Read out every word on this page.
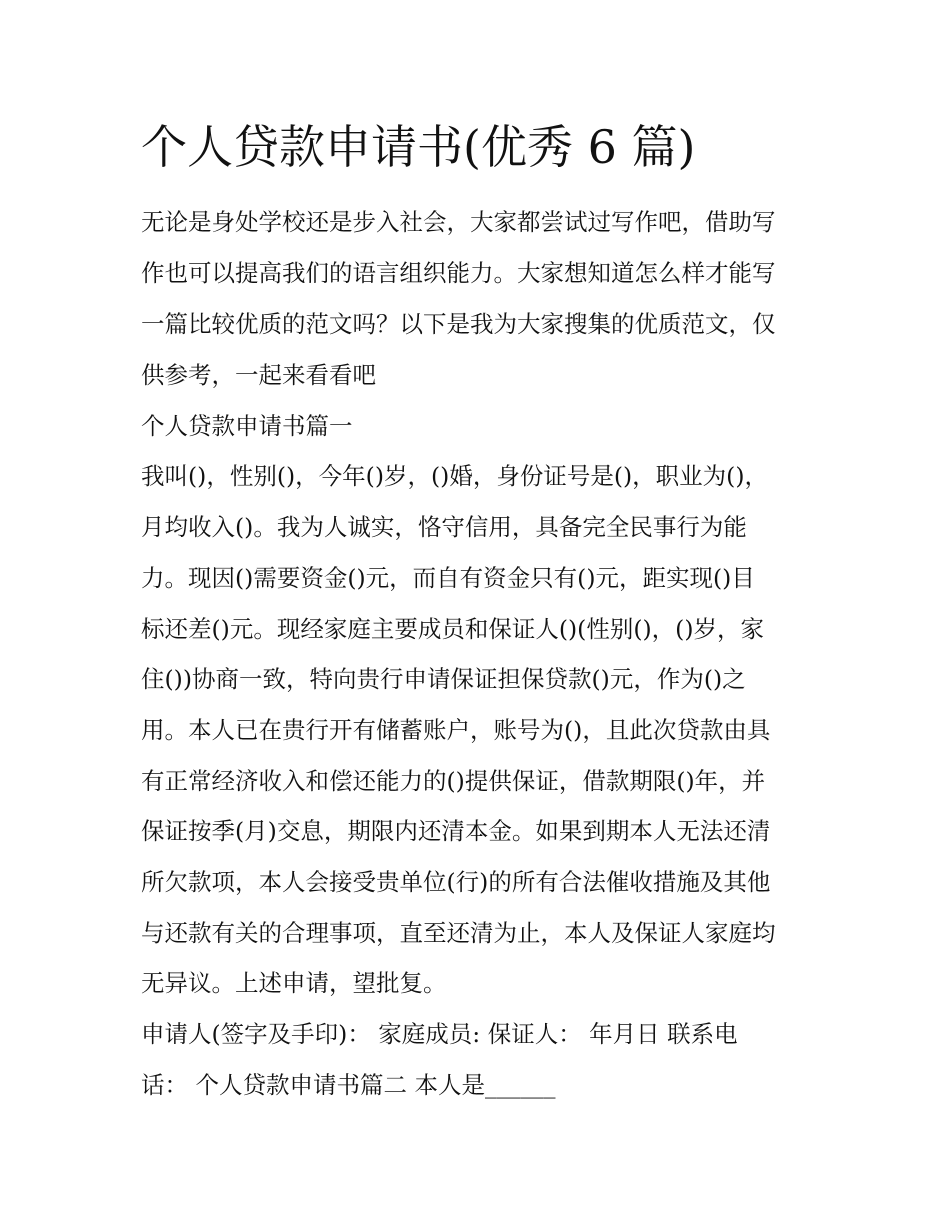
个人贷款申请书(优秀 6 篇)

无论是身处学校还是步入社会，大家都尝试过写作吧，借助写

作也可以提高我们的语言组织能力。大家想知道怎么样才能写

一篇比较优质的范文吗？以下是我为大家搜集的优质范文，仅

供参考，一起来看看吧

个人贷款申请书篇一

我叫()，性别()，今年()岁，()婚，身份证号是()，职业为()，

月均收入()。我为人诚实，恪守信用，具备完全民事行为能

力。现因()需要资金()元，而自有资金只有()元，距实现()目

标还差()元。现经家庭主要成员和保证人()(性别()，()岁，家

住())协商一致，特向贵行申请保证担保贷款()元，作为()之

用。本人已在贵行开有储蓄账户，账号为()，且此次贷款由具

有正常经济收入和偿还能力的()提供保证，借款期限()年，并

保证按季(月)交息，期限内还清本金。如果到期本人无法还清

所欠款项，本人会接受贵单位(行)的所有合法催收措施及其他

与还款有关的合理事项，直至还清为止，本人及保证人家庭均

无异议。上述申请，望批复。

申请人(签字及手印)： 家庭成员: 保证人： 年月日 联系电

话： 个人贷款申请书篇二 本人是______
